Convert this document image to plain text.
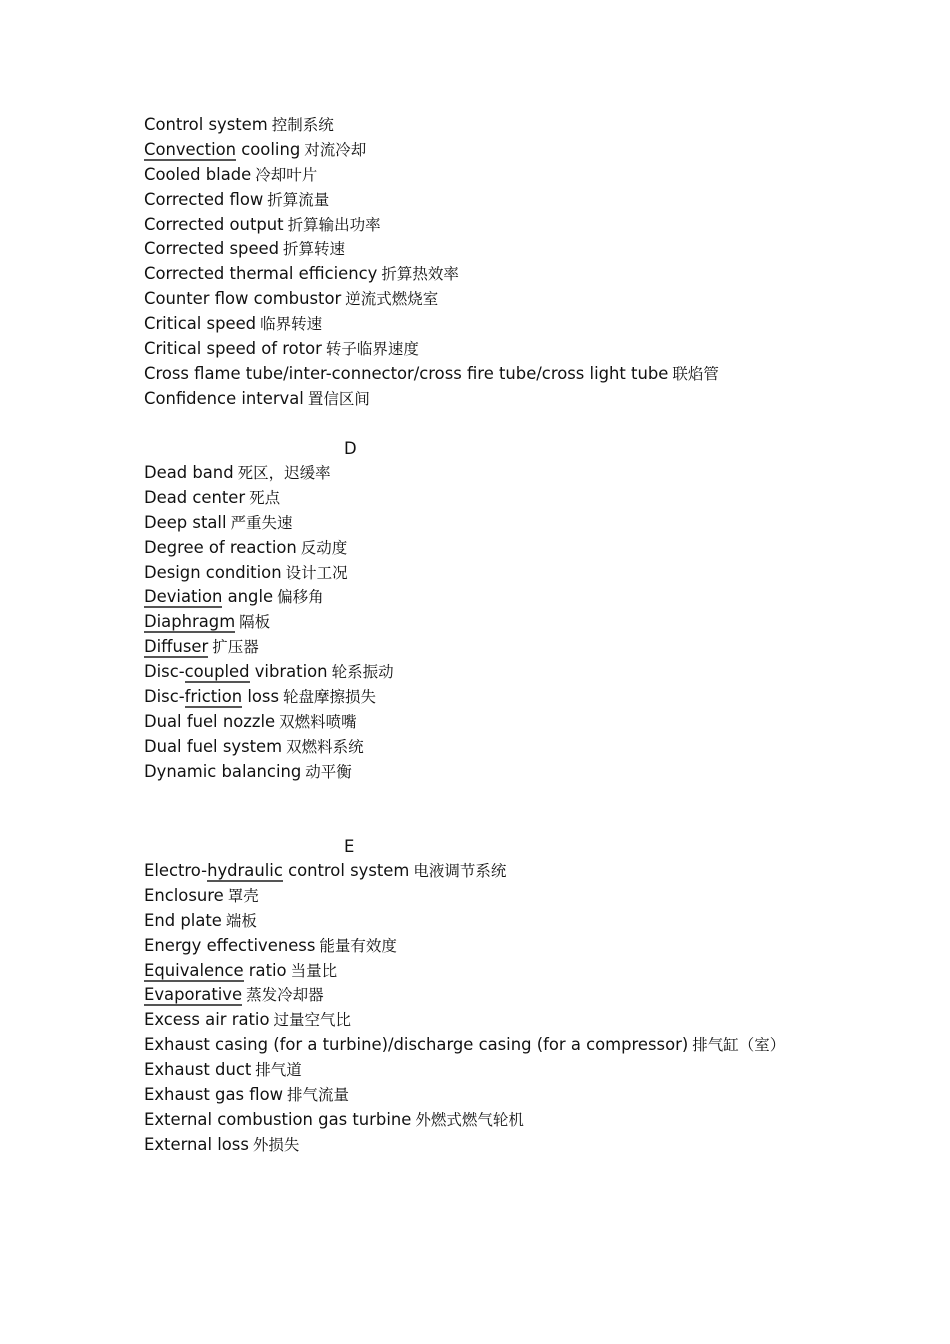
Control system 控制系统
Convection cooling 对流冷却
Cooled blade 冷却叶片
Corrected flow 折算流量
Corrected output 折算输出功率
Corrected speed 折算转速
Corrected thermal efficiency 折算热效率
Counter flow combustor 逆流式燃烧室
Critical speed 临界转速
Critical speed of rotor 转子临界速度
Cross flame tube/inter-connector/cross fire tube/cross light tube 联焰管
Confidence interval 置信区间
D
Dead band 死区，迟缓率
Dead center 死点
Deep stall 严重失速
Degree of reaction 反动度
Design condition 设计工况
Deviation angle 偏移角
Diaphragm 隔板
Diffuser 扩压器
Disc-coupled vibration 轮系振动
Disc-friction loss 轮盘摩擦损失
Dual fuel nozzle 双燃料喷嘴
Dual fuel system 双燃料系统
Dynamic balancing 动平衡
E
Electro-hydraulic control system 电液调节系统
Enclosure 罩壳
End plate 端板
Energy effectiveness 能量有效度
Equivalence ratio 当量比
Evaporative 蒸发冷却器
Excess air ratio 过量空气比
Exhaust casing (for a turbine)/discharge casing (for a compressor) 排气缸（室）
Exhaust duct 排气道
Exhaust gas flow 排气流量
External combustion gas turbine 外燃式燃气轮机
External loss 外损失
